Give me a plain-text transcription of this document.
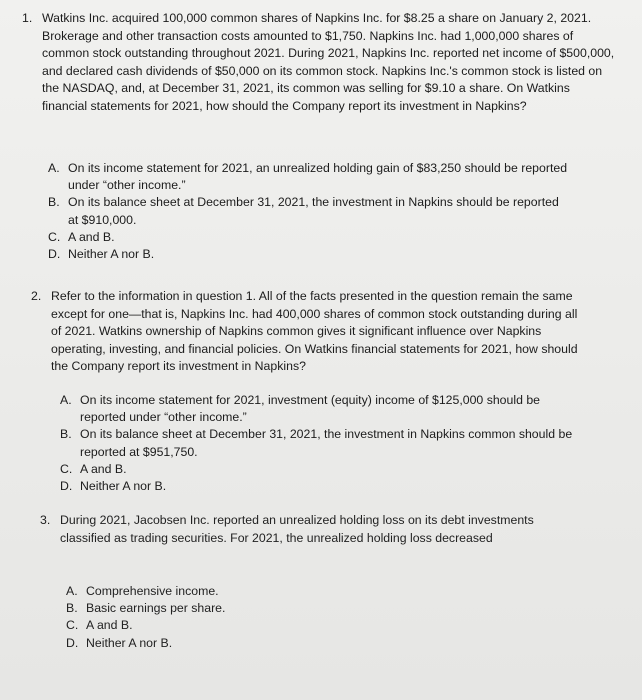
1. Watkins Inc. acquired 100,000 common shares of Napkins Inc. for $8.25 a share on January 2, 2021. Brokerage and other transaction costs amounted to $1,750. Napkins Inc. had 1,000,000 shares of common stock outstanding throughout 2021. During 2021, Napkins Inc. reported net income of $500,000, and declared cash dividends of $50,000 on its common stock. Napkins Inc.'s common stock is listed on the NASDAQ, and, at December 31, 2021, its common was selling for $9.10 a share. On Watkins financial statements for 2021, how should the Company report its investment in Napkins?
A. On its income statement for 2021, an unrealized holding gain of $83,250 should be reported under “other income.”
B. On its balance sheet at December 31, 2021, the investment in Napkins should be reported at $910,000.
C. A and B.
D. Neither A nor B.
2. Refer to the information in question 1. All of the facts presented in the question remain the same except for one—that is, Napkins Inc. had 400,000 shares of common stock outstanding during all of 2021. Watkins ownership of Napkins common gives it significant influence over Napkins operating, investing, and financial policies. On Watkins financial statements for 2021, how should the Company report its investment in Napkins?
A. On its income statement for 2021, investment (equity) income of $125,000 should be reported under “other income.”
B. On its balance sheet at December 31, 2021, the investment in Napkins common should be reported at $951,750.
C. A and B.
D. Neither A nor B.
3. During 2021, Jacobsen Inc. reported an unrealized holding loss on its debt investments classified as trading securities. For 2021, the unrealized holding loss decreased
A. Comprehensive income.
B. Basic earnings per share.
C. A and B.
D. Neither A nor B.
